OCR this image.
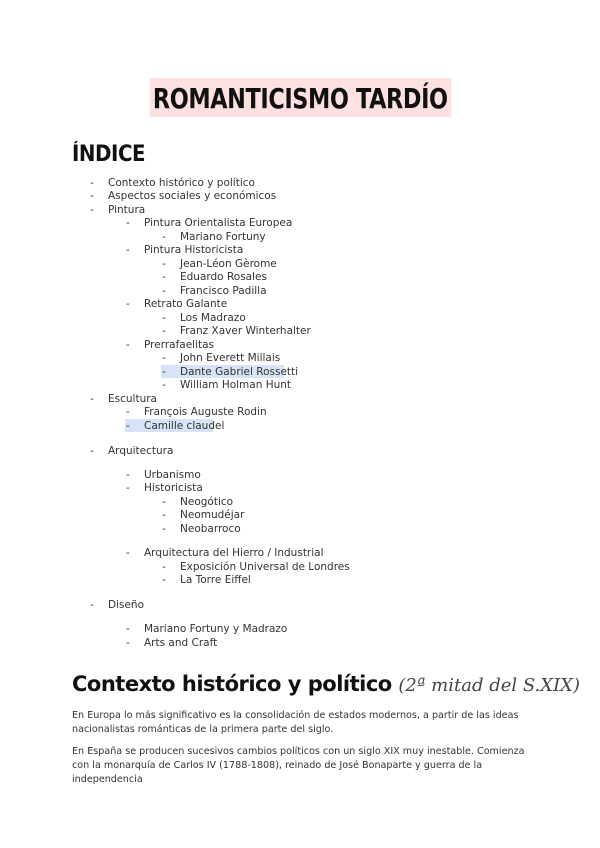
ROMANTICISMO TARDÍO
ÍNDICE
- Contexto histórico y político
- Aspectos sociales y económicos
- Pintura
- Pintura Orientalista Europea
- Mariano Fortuny
- Pintura Historicista
- Jean-Léon Gèrome
- Eduardo Rosales
- Francisco Padilla
- Retrato Galante
- Los Madrazo
- Franz Xaver Winterhalter
- Prerrafaelitas
- John Everett Millais
- Dante Gabriel Rossetti
- William Holman Hunt
- Escultura
- François Auguste Rodin
- Camille claudel
- Arquitectura
- Urbanismo
- Historicista
- Neogótico
- Neomudéjar
- Neobarroco
- Arquitectura del Hierro / Industrial
- Exposición Universal de Londres
- La Torre Eiffel
- Diseño
- Mariano Fortuny y Madrazo
- Arts and Craft
Contexto histórico y político (2ª mitad del S.XIX)
En Europa lo más significativo es la consolidación de estados modernos, a partir de las ideas nacionalistas románticas de la primera parte del siglo.
En España se producen sucesivos cambios políticos con un siglo XIX muy inestable. Comienza con la monarquía de Carlos IV (1788-1808), reinado de José Bonaparte y guerra de la independencia
